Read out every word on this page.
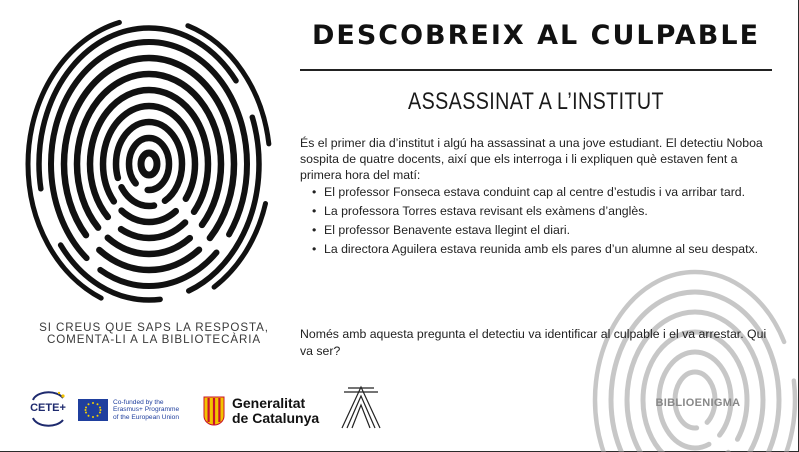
SI CREUS QUE SAPS LA RESPOSTA, COMENTA-LI A LA BIBLIOTECÀRIA
DESCOBREIX AL CULPABLE
ASSASSINAT A L’INSTITUT

És el primer dia d’institut i algú ha assassinat a una jove estudiant. El detectiu Noboa sospita de quatre docents, així que els interroga i li expliquen què estaven fent a primera hora del matí:

• El professor Fonseca estava conduint cap al centre d’estudis i va arribar tard.
• La professora Torres estava revisant els exàmens d’anglès.
• El professor Benavente estava llegint el diari.
• La directora Aguilera estava reunida amb els pares d’un alumne al seu despatx.
Només amb aquesta pregunta el detectiu va identificar al culpable i el va arrestar. Qui va ser?
BIBLIOENIGMA
CETE+	Co-funded by the
Erasmus+ Programme
of the European Union
Generalitat
de Catalunya
